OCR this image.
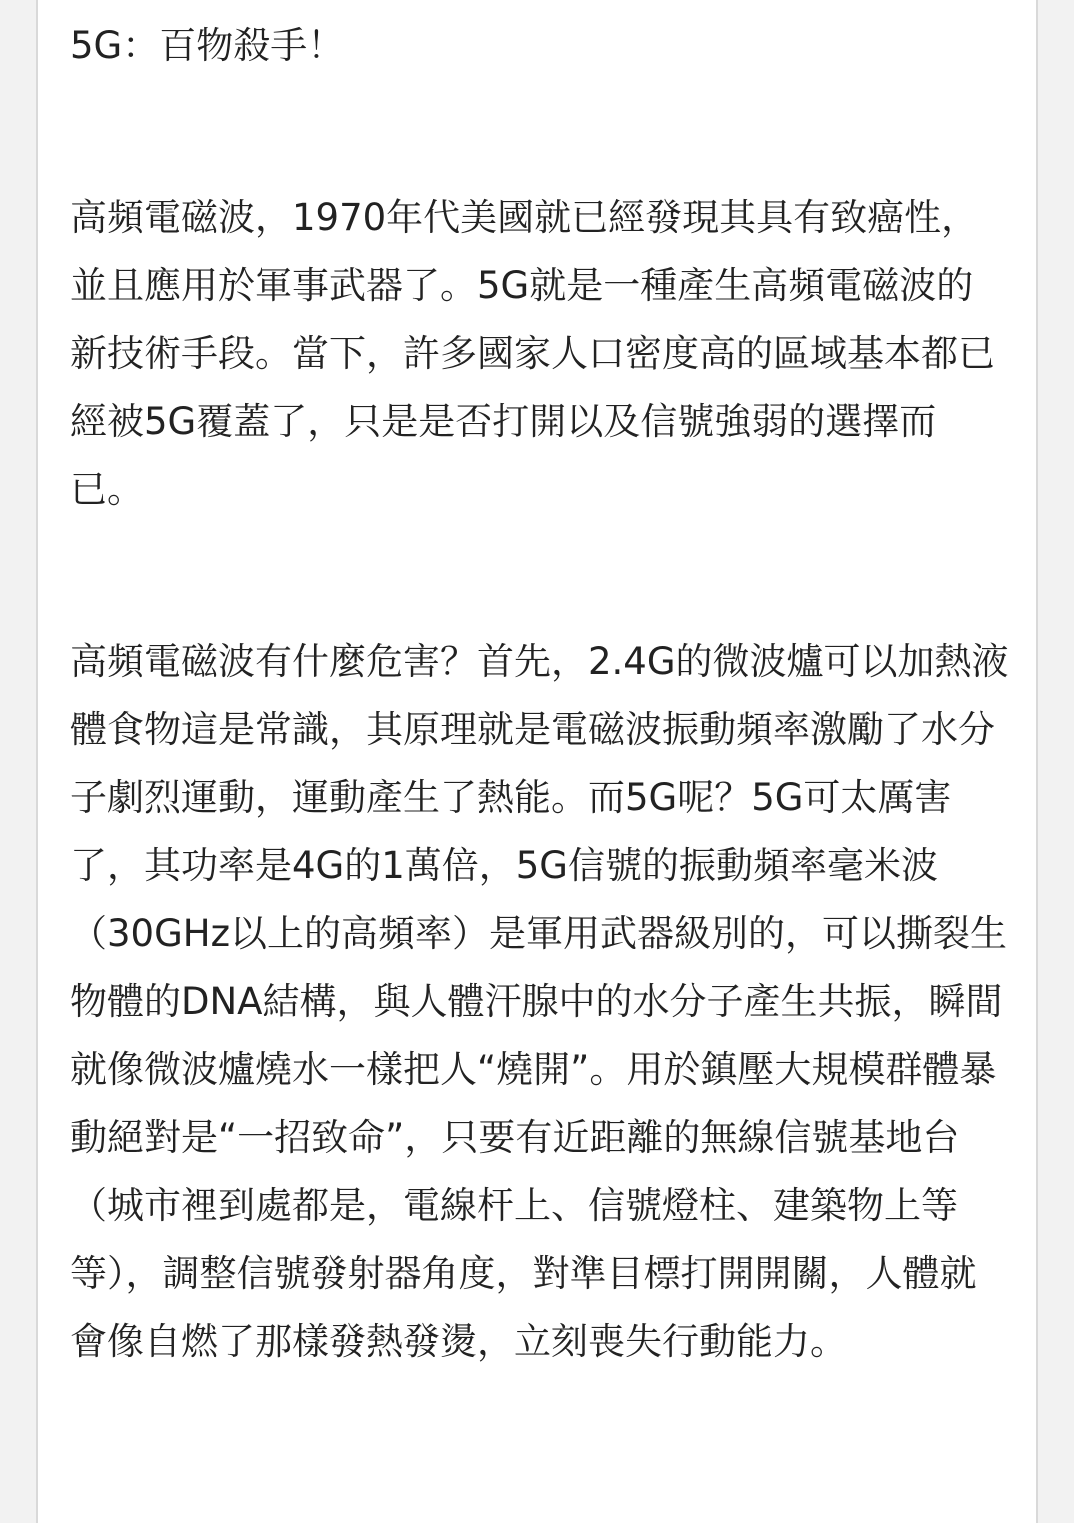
5G：百物殺手！

高頻電磁波，1970年代美國就已經發現其具有致癌性，並且應用於軍事武器了。5G就是一種產生高頻電磁波的新技術手段。當下，許多國家人口密度高的區域基本都已經被5G覆蓋了，只是是否打開以及信號強弱的選擇而已。

高頻電磁波有什麼危害？首先，2.4G的微波爐可以加熱液體食物這是常識，其原理就是電磁波振動頻率激勵了水分子劇烈運動，運動產生了熱能。而5G呢？5G可太厲害了，其功率是4G的1萬倍，5G信號的振動頻率毫米波（30GHz以上的高頻率）是軍用武器級別的，可以撕裂生物體的DNA結構，與人體汗腺中的水分子產生共振，瞬間就像微波爐燒水一樣把人“燒開”。用於鎮壓大規模群體暴動絕對是“一招致命”，只要有近距離的無線信號基地台（城市裡到處都是，電線杆上、信號燈柱、建築物上等等），調整信號發射器角度，對準目標打開開關，人體就會像自燃了那樣發熱發燙，立刻喪失行動能力。
